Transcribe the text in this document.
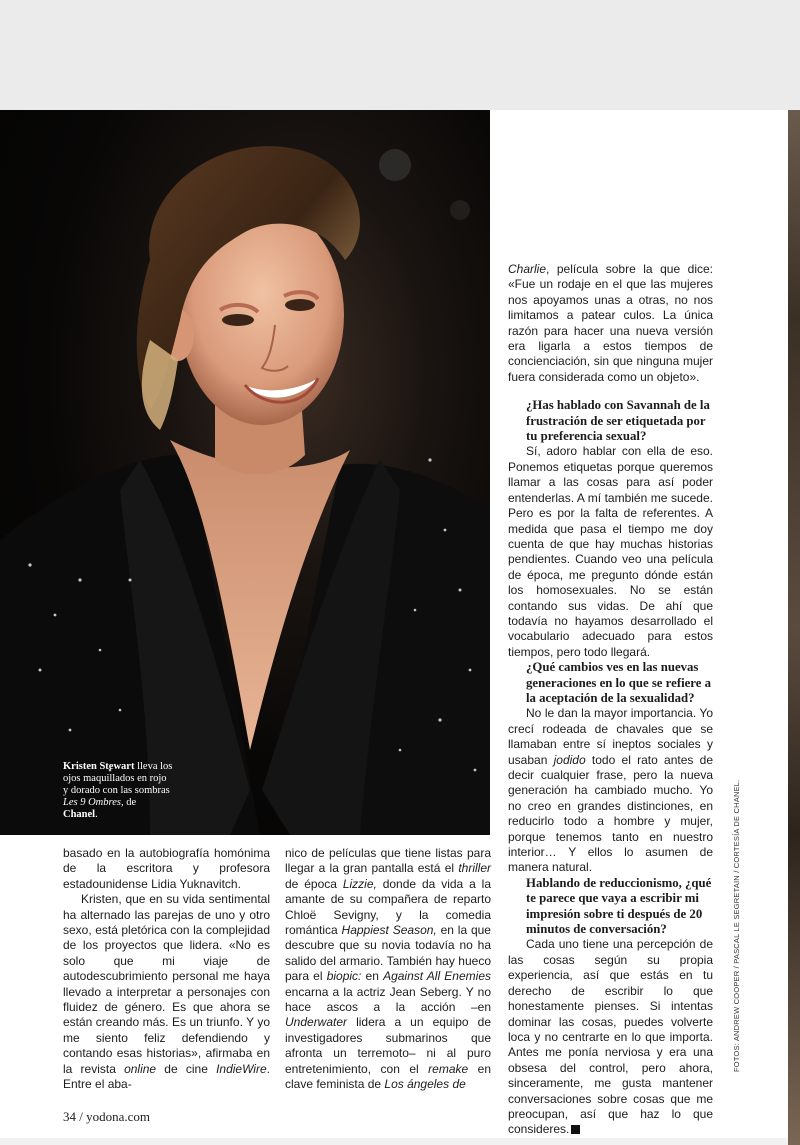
Kristen Stewart lleva los ojos maquillados en rojo y dorado con las sombras Les 9 Ombres, de Chanel.

basado en la autobiografía homónima de la escritora y profesora estadounidense Lidia Yuknavitch.

Kristen, que en su vida sentimental ha alternado las parejas de uno y otro sexo, está pletórica con la complejidad de los proyectos que lidera. «No es solo que mi viaje de autodescubrimiento personal me haya llevado a interpretar a personajes con fluidez de género. Es que ahora se están creando más. Es un triunfo. Y yo me siento feliz defendiendo y contando esas historias», afirmaba en la revista online de cine IndieWire. Entre el aba-

nico de películas que tiene listas para llegar a la gran pantalla está el thriller de época Lizzie, donde da vida a la amante de su compañera de reparto Chloë Sevigny, y la comedia romántica Happiest Season, en la que descubre que su novia todavía no ha salido del armario. También hay hueco para el biopic: en Against All Enemies encarna a la actriz Jean Seberg. Y no hace ascos a la acción –en Underwater lidera a un equipo de investigadores submarinos que afronta un terremoto– ni al puro entretenimiento, con el remake en clave feminista de Los ángeles de

Charlie, película sobre la que dice: «Fue un rodaje en el que las mujeres nos apoyamos unas a otras, no nos limitamos a patear culos. La única razón para hacer una nueva versión era ligarla a estos tiempos de concienciación, sin que ninguna mujer fuera considerada como un objeto».

¿Has hablado con Savannah de la frustración de ser etiquetada por tu preferencia sexual?

Sí, adoro hablar con ella de eso. Ponemos etiquetas porque queremos llamar a las cosas para así poder entenderlas. A mí también me sucede. Pero es por la falta de referentes. A medida que pasa el tiempo me doy cuenta de que hay muchas historias pendientes. Cuando veo una película de época, me pregunto dónde están los homosexuales. No se están contando sus vidas. De ahí que todavía no hayamos desarrollado el vocabulario adecuado para estos tiempos, pero todo llegará.

¿Qué cambios ves en las nuevas generaciones en lo que se refiere a la aceptación de la sexualidad?

No le dan la mayor importancia. Yo crecí rodeada de chavales que se llamaban entre sí ineptos sociales y usaban jodido todo el rato antes de decir cualquier frase, pero la nueva generación ha cambiado mucho. Yo no creo en grandes distinciones, en reducirlo todo a hombre y mujer, porque tenemos tanto en nuestro interior… Y ellos lo asumen de manera natural.

Hablando de reduccionismo, ¿qué te parece que vaya a escribir mi impresión sobre ti después de 20 minutos de conversación?

Cada uno tiene una percepción de las cosas según su propia experiencia, así que estás en tu derecho de escribir lo que honestamente pienses. Si intentas dominar las cosas, puedes volverte loca y no centrarte en lo que importa. Antes me ponía nerviosa y era una obsesa del control, pero ahora, sinceramente, me gusta mantener conversaciones sobre cosas que me preocupan, así que haz lo que consideres.

FOTOS: ANDREW COOPER / PASCAL LE SEGRETAIN / CORTESÍA DE CHANEL.
34 / yodona.com
